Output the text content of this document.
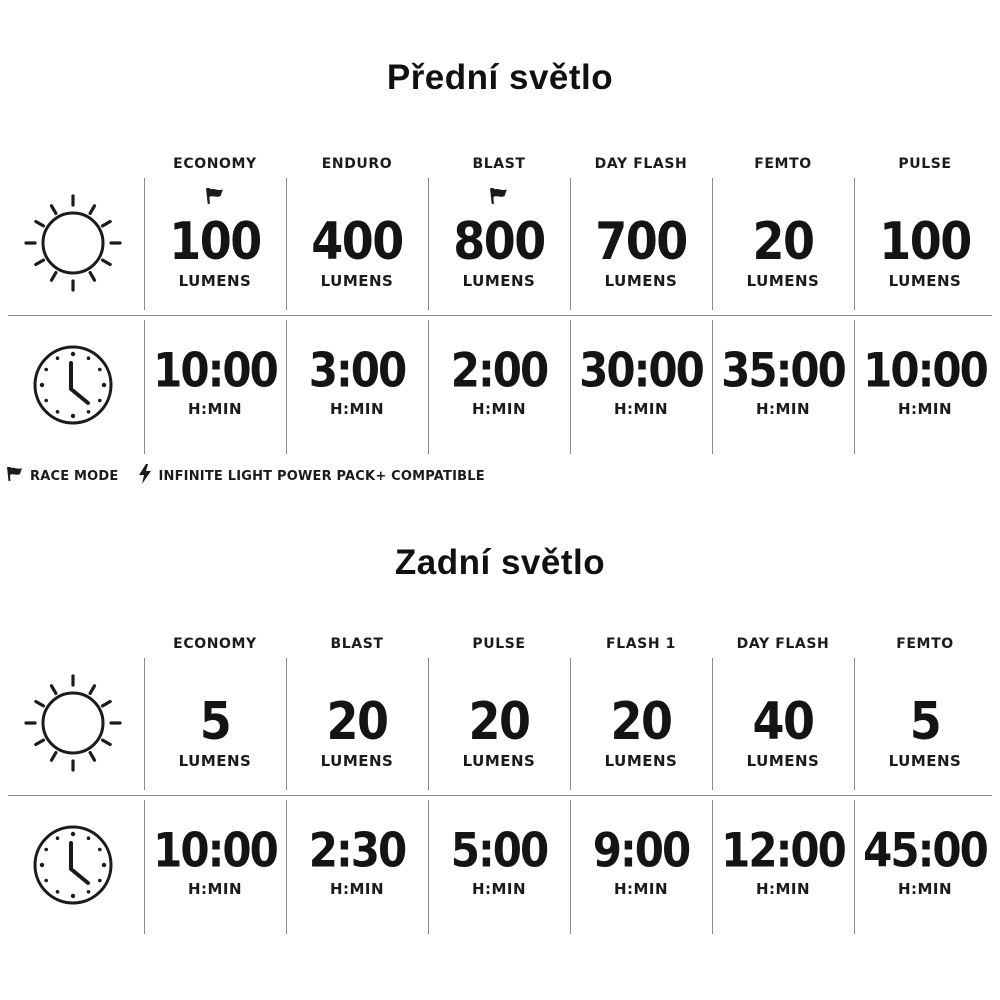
Přední světlo
ECONOMY
100
LUMENS
10:00
H:MIN
ENDURO
400
LUMENS
3:00
H:MIN
BLAST
800
LUMENS
2:00
H:MIN
DAY FLASH
700
LUMENS
30:00
H:MIN
FEMTO
20
LUMENS
35:00
H:MIN
PULSE
100
LUMENS
10:00
H:MIN
RACE MODE	INFINITE LIGHT POWER PACK+ COMPATIBLE
Zadní světlo
ECONOMY
5
LUMENS
10:00
H:MIN
BLAST
20
LUMENS
2:30
H:MIN
PULSE
20
LUMENS
5:00
H:MIN
FLASH 1
20
LUMENS
9:00
H:MIN
DAY FLASH
40
LUMENS
12:00
H:MIN
FEMTO
5
LUMENS
45:00
H:MIN
